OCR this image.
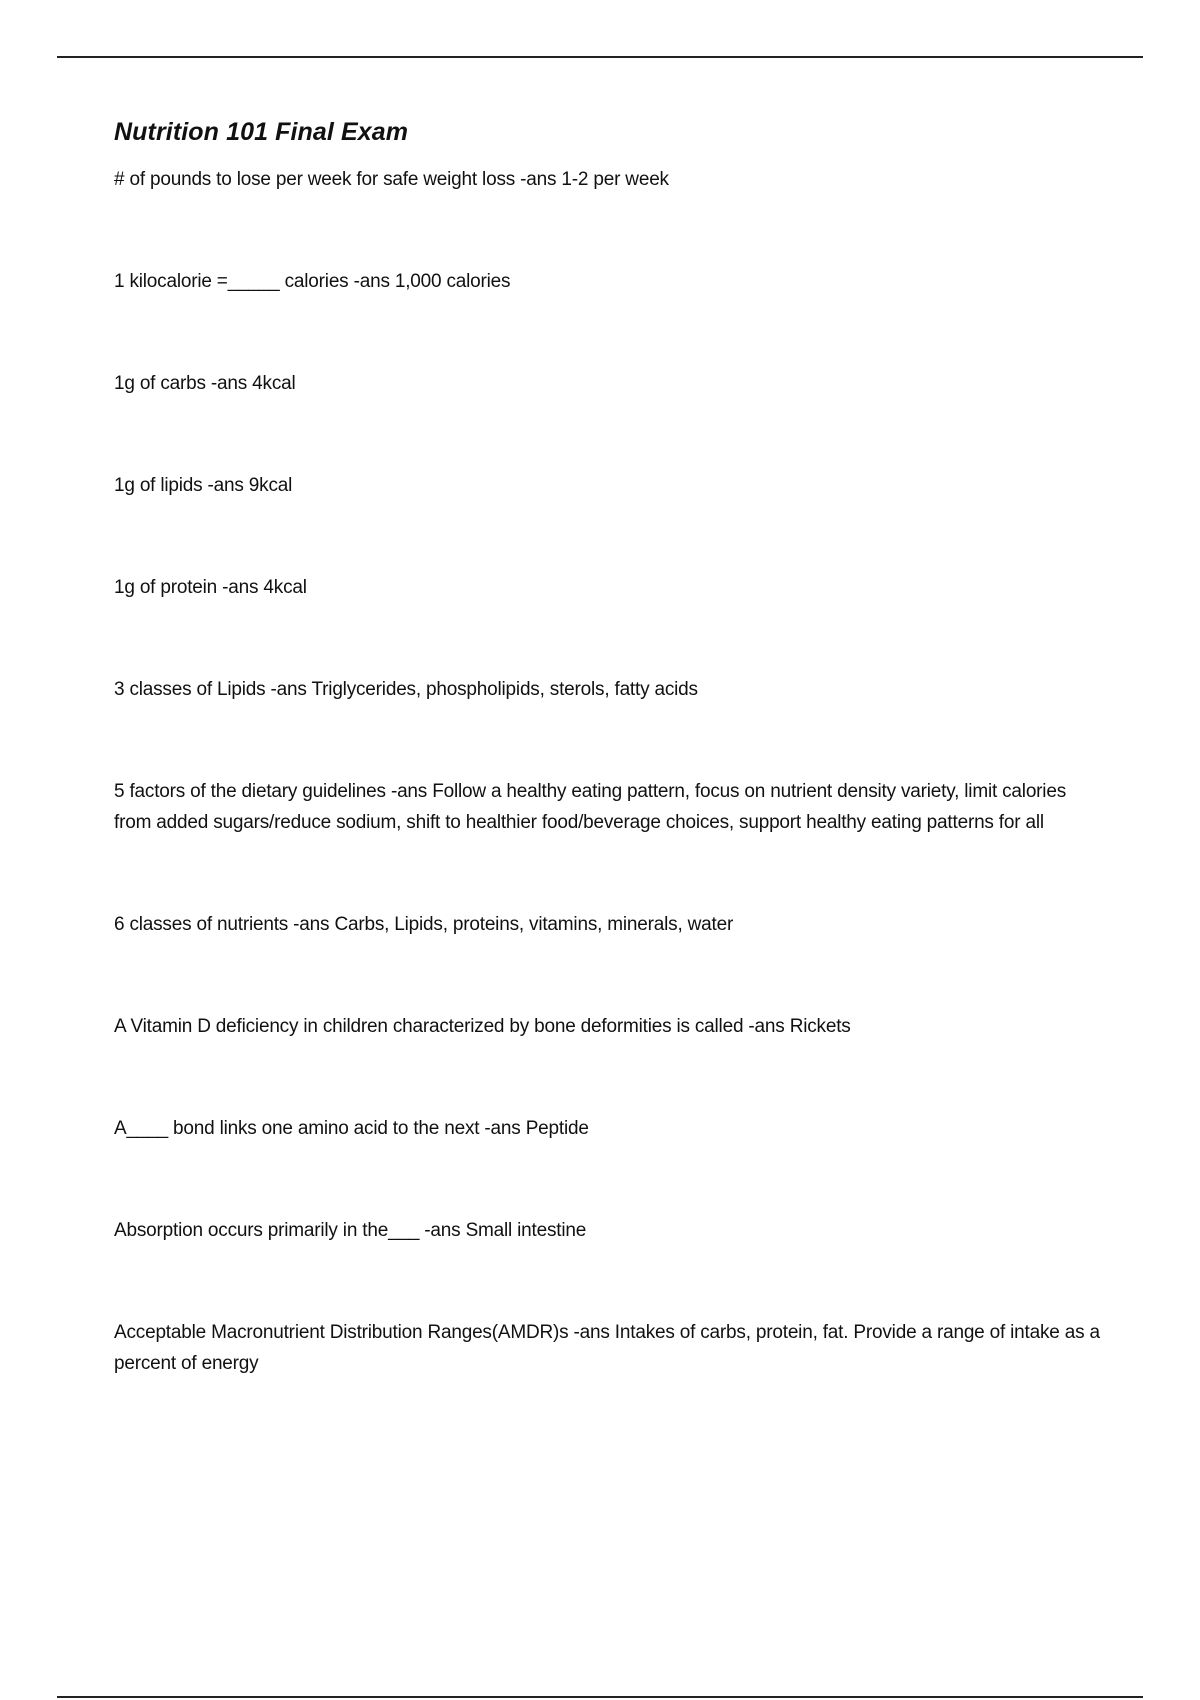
Nutrition 101 Final Exam

# of pounds to lose per week for safe weight loss -ans 1-2 per week

1 kilocalorie =_____ calories -ans 1,000 calories

1g of carbs -ans 4kcal

1g of lipids -ans 9kcal

1g of protein -ans 4kcal

3 classes of Lipids -ans Triglycerides, phospholipids, sterols, fatty acids

5 factors of the dietary guidelines -ans Follow a healthy eating pattern, focus on nutrient density variety, limit calories from added sugars/reduce sodium, shift to healthier food/beverage choices, support healthy eating patterns for all

6 classes of nutrients -ans Carbs, Lipids, proteins, vitamins, minerals, water

A Vitamin D deficiency in children characterized by bone deformities is called -ans Rickets

A____ bond links one amino acid to the next -ans Peptide

Absorption occurs primarily in the___ -ans Small intestine

Acceptable Macronutrient Distribution Ranges(AMDR)s -ans Intakes of carbs, protein, fat. Provide a range of intake as a percent of energy
